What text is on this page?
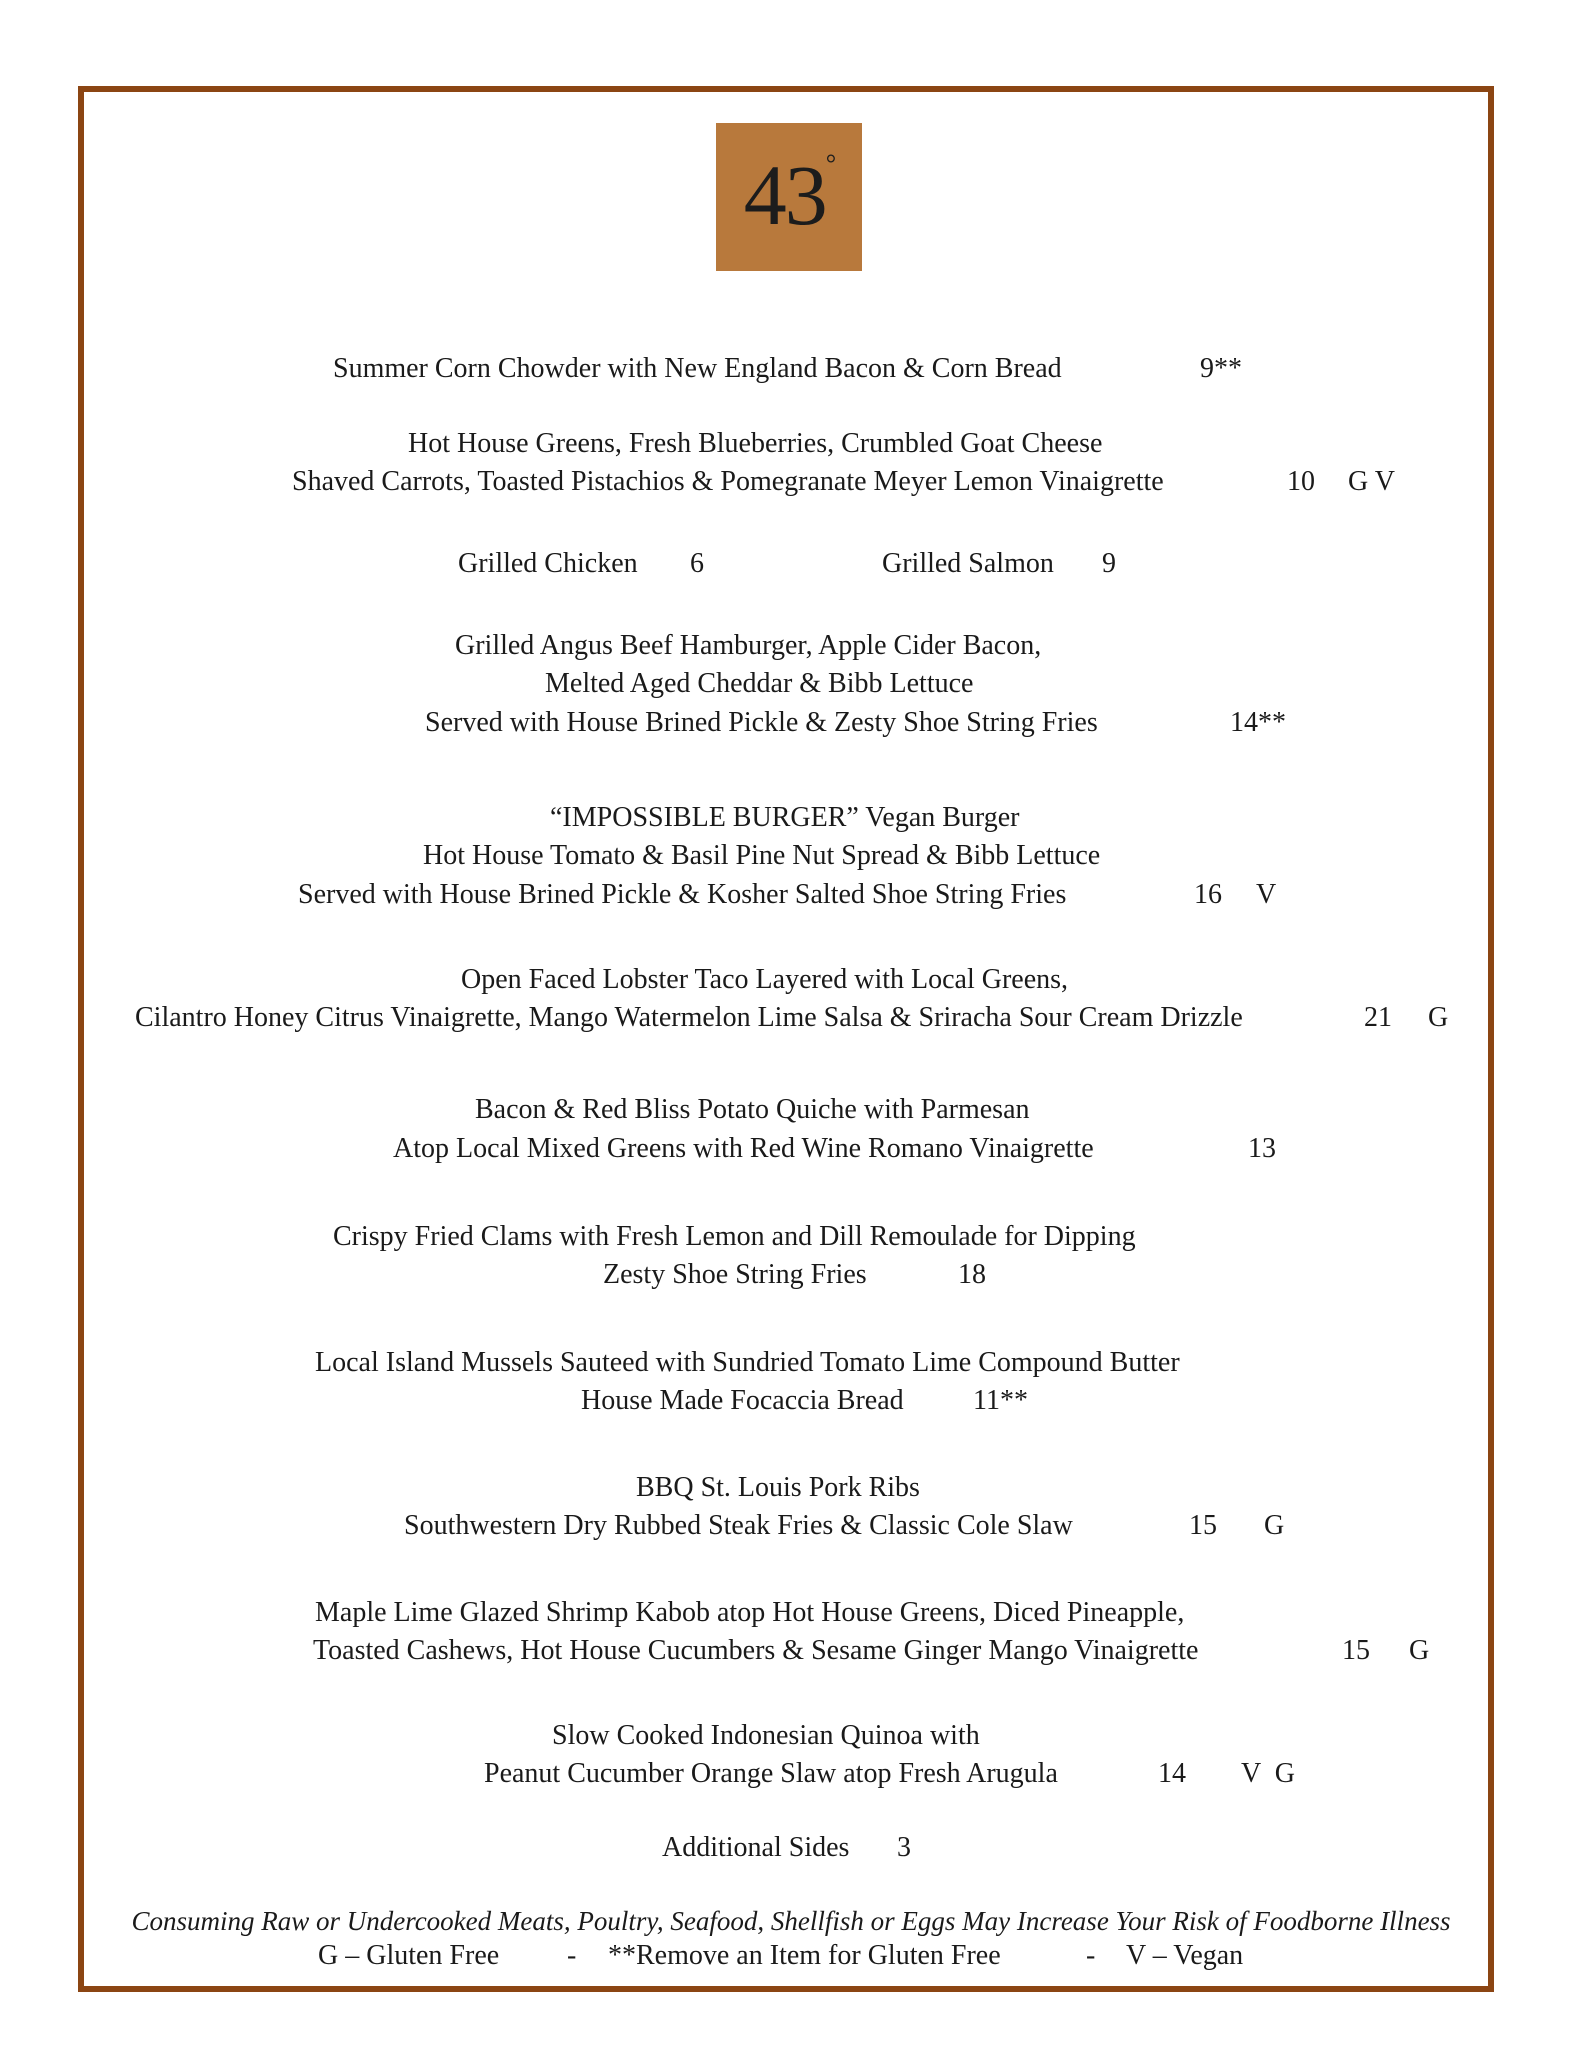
43°
Summer Corn Chowder with New England Bacon & Corn Bread	9**
Hot House Greens, Fresh Blueberries, Crumbled Goat Cheese
Shaved Carrots, Toasted Pistachios & Pomegranate Meyer Lemon Vinaigrette	10 G V
Grilled Chicken 6	Grilled Salmon 9
Grilled Angus Beef Hamburger, Apple Cider Bacon,
Melted Aged Cheddar & Bibb Lettuce
Served with House Brined Pickle & Zesty Shoe String Fries	14**
“IMPOSSIBLE BURGER” Vegan Burger
Hot House Tomato & Basil Pine Nut Spread & Bibb Lettuce
Served with House Brined Pickle & Kosher Salted Shoe String Fries	16 V
Open Faced Lobster Taco Layered with Local Greens,
Cilantro Honey Citrus Vinaigrette, Mango Watermelon Lime Salsa & Sriracha Sour Cream Drizzle	21 G
Bacon & Red Bliss Potato Quiche with Parmesan
Atop Local Mixed Greens with Red Wine Romano Vinaigrette	13
Crispy Fried Clams with Fresh Lemon and Dill Remoulade for Dipping
Zesty Shoe String Fries	18
Local Island Mussels Sauteed with Sundried Tomato Lime Compound Butter
House Made Focaccia Bread 11**
BBQ St. Louis Pork Ribs
Southwestern Dry Rubbed Steak Fries & Classic Cole Slaw	15 G
Maple Lime Glazed Shrimp Kabob atop Hot House Greens, Diced Pineapple,
Toasted Cashews, Hot House Cucumbers & Sesame Ginger Mango Vinaigrette	15 G
Slow Cooked Indonesian Quinoa with
Peanut Cucumber Orange Slaw atop Fresh Arugula	14 V  G
Additional Sides 3
Consuming Raw or Undercooked Meats, Poultry, Seafood, Shellfish or Eggs May Increase Your Risk of Foodborne Illness
G – Gluten Free - **Remove an Item for Gluten Free	- V – Vegan
